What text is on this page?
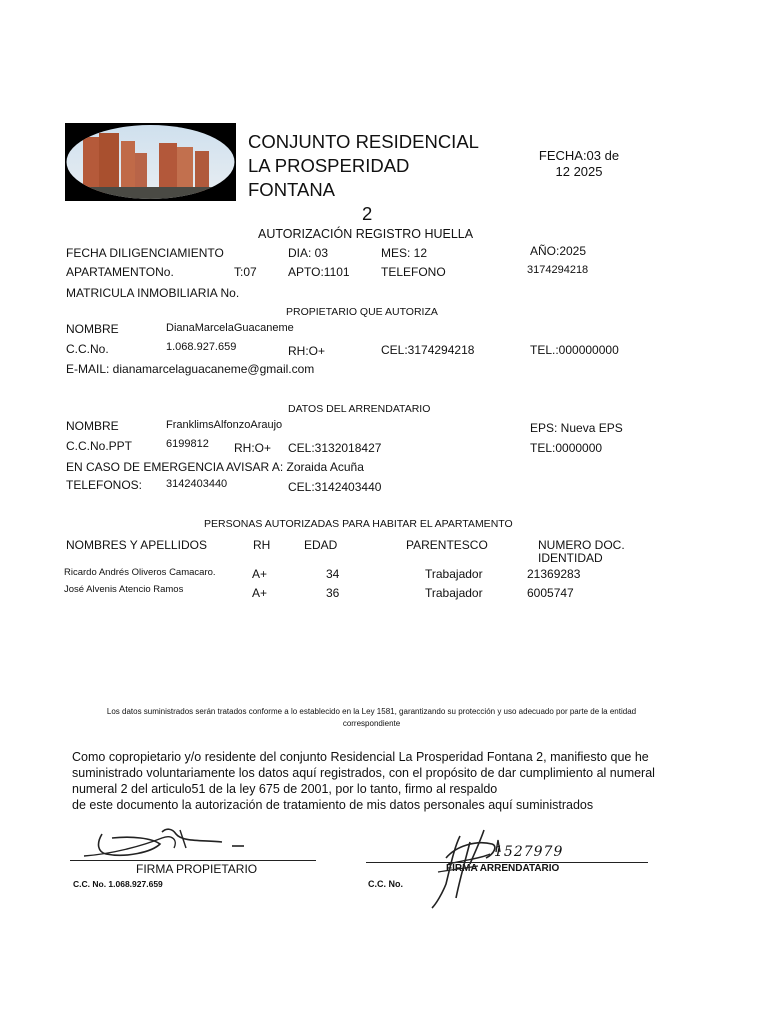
CONJUNTO RESIDENCIAL LA PROSPERIDAD FONTANA
2
FECHA:03 de 12 2025
AUTORIZACIÓN REGISTRO HUELLA
FECHA DILIGENCIAMIENTO	DIA: 03	MES: 12	AÑO:2025
APARTAMENTONo.	T:07	APTO:1101	TELEFONO	3174294218
MATRICULA INMOBILIARIA No.
PROPIETARIO QUE AUTORIZA
NOMBRE	DianaMarcelaGuacaneme
C.C.No.	1.068.927.659	RH:O+	CEL:3174294218	TEL.:000000000
E-MAIL: dianamarcelaguacaneme@gmail.com
DATOS DEL ARRENDATARIO
NOMBRE	FranklimsAlfonzoAraujo	EPS: Nueva EPS
C.C.No.PPT	6199812 RH:O+ CEL:3132018427	TEL:0000000
EN CASO DE EMERGENCIA AVISAR A: Zoraida Acuña
TELEFONOS: 3142403440	CEL:3142403440
PERSONAS AUTORIZADAS PARA HABITAR EL APARTAMENTO
NOMBRES Y APELLIDOS	RH	EDAD	PARENTESCO	NUMERO DOC.
IDENTIDAD
Ricardo Andrés Oliveros Camacaro.	A+	34	Trabajador	21369283
José Alvenis Atencio Ramos	A+	36	Trabajador	6005747
Los datos suministrados serán tratados conforme a lo establecido en la Ley 1581, garantizando su protección y uso adecuado por parte de la entidad correspondiente
Como copropietario y/o residente del conjunto Residencial La Prosperidad Fontana 2, manifiesto que he
suministrado voluntariamente los datos aquí registrados, con el propósito de dar cumplimiento al numeral
numeral 2 del articulo51 de la ley 675 de 2001, por lo tanto, firmo al respaldo
de este documento la autorización de tratamiento de mis datos personales aquí suministrados
FIRMA PROPIETARIO
C.C. No. 1.068.927.659
FIRMA ARRENDATARIO
C.C. No.
1527979
